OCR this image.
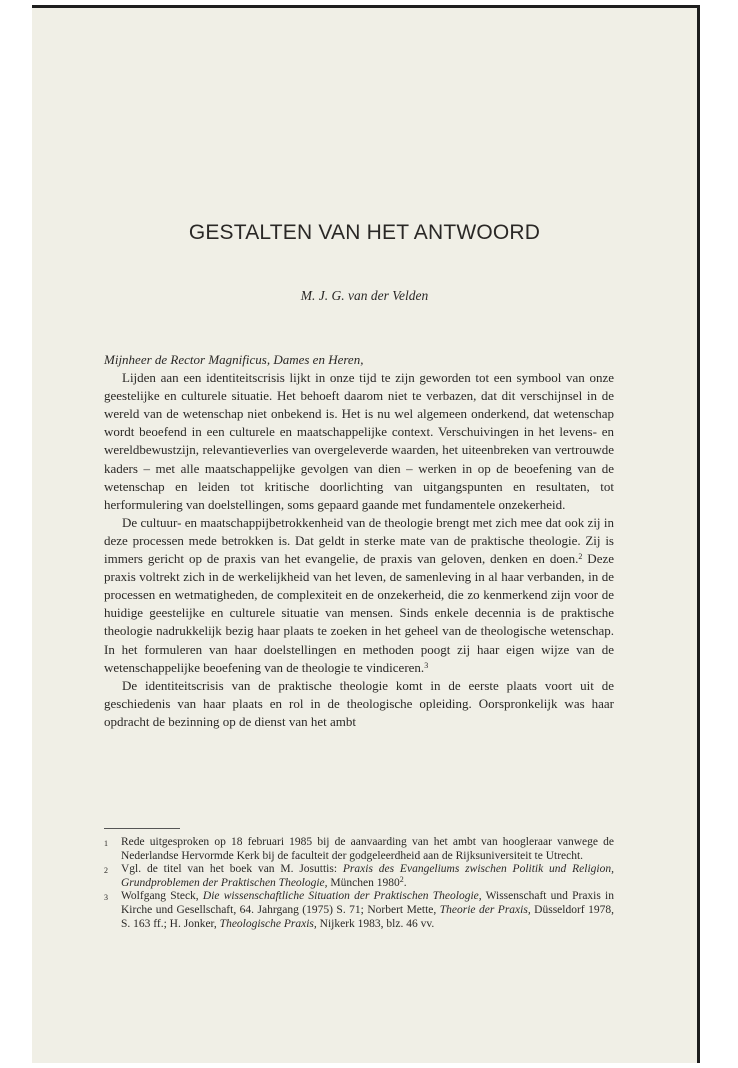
GESTALTEN VAN HET ANTWOORD
M. J. G. van der Velden

Mijnheer de Rector Magnificus, Dames en Heren,

Lijden aan een identiteitscrisis lijkt in onze tijd te zijn geworden tot een symbool van onze geestelijke en culturele situatie. Het behoeft daarom niet te verbazen, dat dit verschijnsel in de wereld van de wetenschap niet onbekend is. Het is nu wel algemeen onderkend, dat wetenschap wordt beoefend in een culturele en maatschappelijke context. Verschuivingen in het levens- en wereldbewustzijn, relevantieverlies van overgeleverde waarden, het uiteenbreken van vertrouwde kaders – met alle maatschappelijke gevolgen van dien – werken in op de beoefening van de wetenschap en leiden tot kritische doorlichting van uitgangspunten en resultaten, tot herformulering van doelstellingen, soms gepaard gaande met fundamentele onzekerheid.

De cultuur- en maatschappijbetrokkenheid van de theologie brengt met zich mee dat ook zij in deze processen mede betrokken is. Dat geldt in sterke mate van de praktische theologie. Zij is immers gericht op de praxis van het evangelie, de praxis van geloven, denken en doen.$^2$ Deze praxis voltrekt zich in de werkelijkheid van het leven, de samenleving in al haar verbanden, in de processen en wetmatigheden, de complexiteit en de onzekerheid, die zo kenmerkend zijn voor de huidige geestelijke en culturele situatie van mensen. Sinds enkele decennia is de praktische theologie nadrukkelijk bezig haar plaats te zoeken in het geheel van de theologische wetenschap. In het formuleren van haar doelstellingen en methoden poogt zij haar eigen wijze van de wetenschappelijke beoefening van de theologie te vindiceren.$^3$

De identiteitscrisis van de praktische theologie komt in de eerste plaats voort uit de geschiedenis van haar plaats en rol in de theologische opleiding. Oorspronkelijk was haar opdracht de bezinning op de dienst van het ambt

1	Rede uitgesproken op 18 februari 1985 bij de aanvaarding van het ambt van hoogleraar vanwege de Nederlandse Hervormde Kerk bij de faculteit der godgeleerdheid aan de Rijksuniversiteit te Utrecht.
2	Vgl. de titel van het boek van M. Josuttis: Praxis des Evangeliums zwischen Politik und Religion, Grundproblemen der Praktischen Theologie, München 1980$^2$.
3	Wolfgang Steck, Die wissenschaftliche Situation der Praktischen Theologie, Wissenschaft und Praxis in Kirche und Gesellschaft, 64. Jahrgang (1975) S. 71; Norbert Mette, Theorie der Praxis, Düsseldorf 1978, S. 163 ff.; H. Jonker, Theologische Praxis, Nijkerk 1983, blz. 46 vv.
